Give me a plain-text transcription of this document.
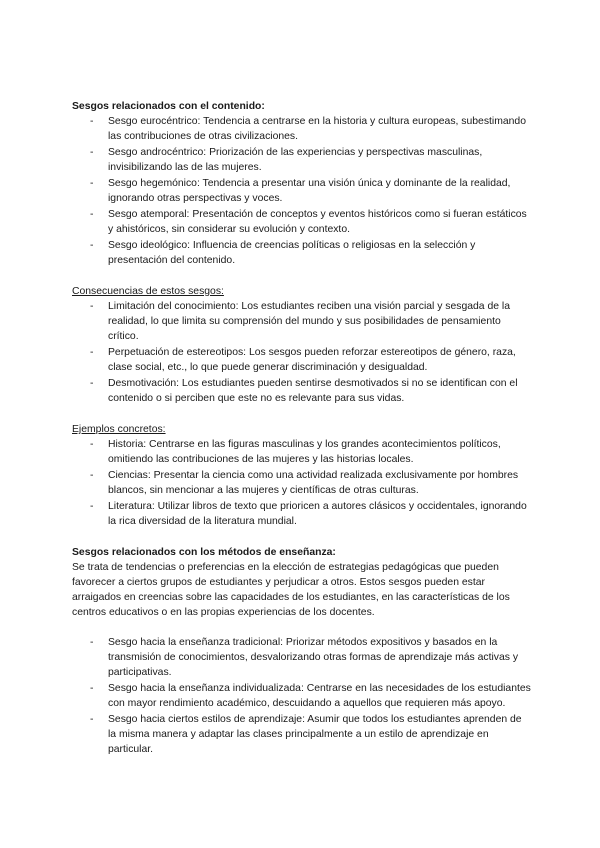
Sesgos relacionados con el contenido:
- Sesgo eurocéntrico: Tendencia a centrarse en la historia y cultura europeas, subestimando las contribuciones de otras civilizaciones.
- Sesgo androcéntrico: Priorización de las experiencias y perspectivas masculinas, invisibilizando las de las mujeres.
- Sesgo hegemónico: Tendencia a presentar una visión única y dominante de la realidad, ignorando otras perspectivas y voces.
- Sesgo atemporal: Presentación de conceptos y eventos históricos como si fueran estáticos y ahistóricos, sin considerar su evolución y contexto.
- Sesgo ideológico: Influencia de creencias políticas o religiosas en la selección y presentación del contenido.

Consecuencias de estos sesgos:

- Limitación del conocimiento: Los estudiantes reciben una visión parcial y sesgada de la realidad, lo que limita su comprensión del mundo y sus posibilidades de pensamiento crítico.
- Perpetuación de estereotipos: Los sesgos pueden reforzar estereotipos de género, raza, clase social, etc., lo que puede generar discriminación y desigualdad.
- Desmotivación: Los estudiantes pueden sentirse desmotivados si no se identifican con el contenido o si perciben que este no es relevante para sus vidas.

Ejemplos concretos:

- Historia: Centrarse en las figuras masculinas y los grandes acontecimientos políticos, omitiendo las contribuciones de las mujeres y las historias locales.
- Ciencias: Presentar la ciencia como una actividad realizada exclusivamente por hombres blancos, sin mencionar a las mujeres y científicas de otras culturas.
- Literatura: Utilizar libros de texto que prioricen a autores clásicos y occidentales, ignorando la rica diversidad de la literatura mundial.
Sesgos relacionados con los métodos de enseñanza:

Se trata de tendencias o preferencias en la elección de estrategias pedagógicas que pueden favorecer a ciertos grupos de estudiantes y perjudicar a otros. Estos sesgos pueden estar arraigados en creencias sobre las capacidades de los estudiantes, en las características de los centros educativos o en las propias experiencias de los docentes.

- Sesgo hacia la enseñanza tradicional: Priorizar métodos expositivos y basados en la transmisión de conocimientos, desvalorizando otras formas de aprendizaje más activas y participativas.
- Sesgo hacia la enseñanza individualizada: Centrarse en las necesidades de los estudiantes con mayor rendimiento académico, descuidando a aquellos que requieren más apoyo.
- Sesgo hacia ciertos estilos de aprendizaje: Asumir que todos los estudiantes aprenden de la misma manera y adaptar las clases principalmente a un estilo de aprendizaje en particular.
